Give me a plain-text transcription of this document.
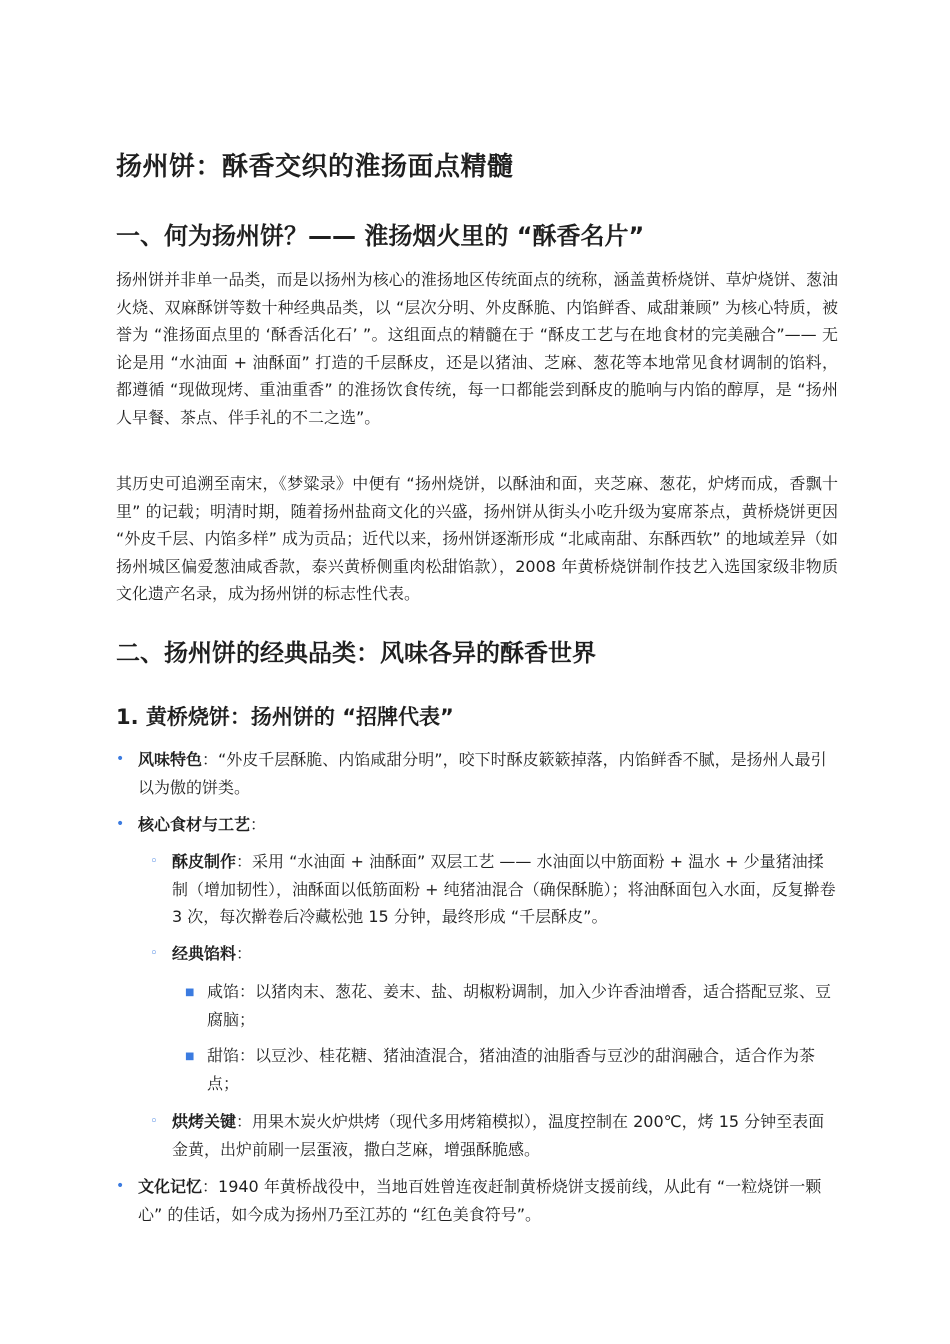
扬州饼：酥香交织的淮扬面点精髓
一、何为扬州饼？—— 淮扬烟火里的 “酥香名片”

扬州饼并非单一品类，而是以扬州为核心的淮扬地区传统面点的统称，涵盖黄桥烧饼、草炉烧饼、葱油火烧、双麻酥饼等数十种经典品类，以 “层次分明、外皮酥脆、内馅鲜香、咸甜兼顾” 为核心特质，被誉为 “淮扬面点里的 ‘酥香活化石’ ”。这组面点的精髓在于 “酥皮工艺与在地食材的完美融合”—— 无论是用 “水油面 + 油酥面” 打造的千层酥皮，还是以猪油、芝麻、葱花等本地常见食材调制的馅料，都遵循 “现做现烤、重油重香” 的淮扬饮食传统，每一口都能尝到酥皮的脆响与内馅的醇厚，是 “扬州人早餐、茶点、伴手礼的不二之选”。

其历史可追溯至南宋，《梦粱录》中便有 “扬州烧饼，以酥油和面，夹芝麻、葱花，炉烤而成，香飘十里” 的记载；明清时期，随着扬州盐商文化的兴盛，扬州饼从街头小吃升级为宴席茶点，黄桥烧饼更因 “外皮千层、内馅多样” 成为贡品；近代以来，扬州饼逐渐形成 “北咸南甜、东酥西软” 的地域差异（如扬州城区偏爱葱油咸香款，泰兴黄桥侧重肉松甜馅款），2008 年黄桥烧饼制作技艺入选国家级非物质文化遗产名录，成为扬州饼的标志性代表。

二、扬州饼的经典品类：风味各异的酥香世界
1. 黄桥烧饼：扬州饼的 “招牌代表”
• 风味特色：“外皮千层酥脆、内馅咸甜分明”，咬下时酥皮簌簌掉落，内馅鲜香不腻，是扬州人最引以为傲的饼类。
• 核心食材与工艺：
◦ 酥皮制作：采用 “水油面 + 油酥面” 双层工艺 —— 水油面以中筋面粉 + 温水 + 少量猪油揉制（增加韧性），油酥面以低筋面粉 + 纯猪油混合（确保酥脆）；将油酥面包入水面，反复擀卷 3 次，每次擀卷后冷藏松弛 15 分钟，最终形成 “千层酥皮”。
◦ 经典馅料：
■ 咸馅：以猪肉末、葱花、姜末、盐、胡椒粉调制，加入少许香油增香，适合搭配豆浆、豆腐脑；
■ 甜馅：以豆沙、桂花糖、猪油渣混合，猪油渣的油脂香与豆沙的甜润融合，适合作为茶点；
◦ 烘烤关键：用果木炭火炉烘烤（现代多用烤箱模拟），温度控制在 200℃，烤 15 分钟至表面金黄，出炉前刷一层蛋液，撒白芝麻，增强酥脆感。
• 文化记忆：1940 年黄桥战役中，当地百姓曾连夜赶制黄桥烧饼支援前线，从此有 “一粒烧饼一颗心” 的佳话，如今成为扬州乃至江苏的 “红色美食符号”。
